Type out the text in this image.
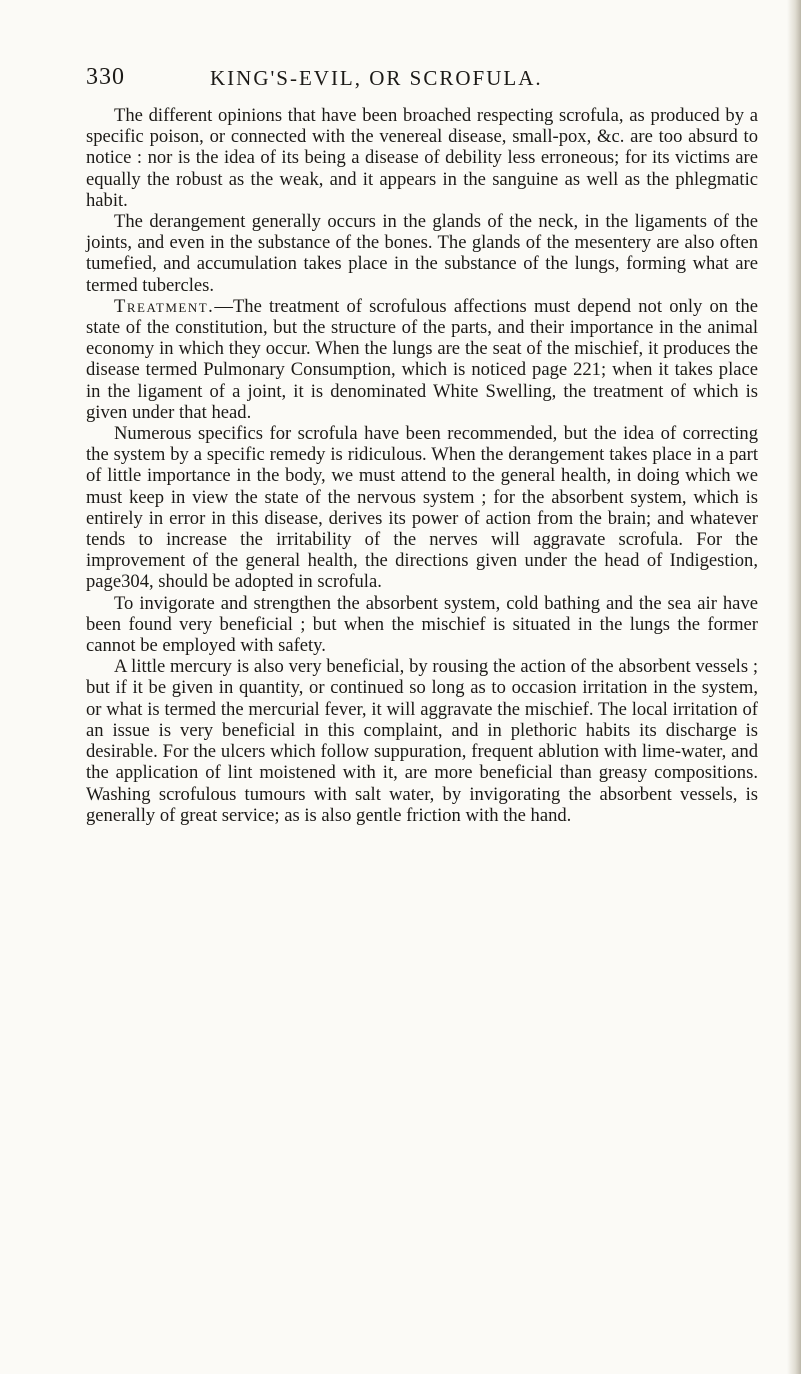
330	KING'S-EVIL, OR SCROFULA.

The different opinions that have been broached respecting scrofula, as produced by a specific poison, or connected with the venereal disease, small-pox, &c. are too absurd to notice : nor is the idea of its being a disease of debility less erroneous; for its victims are equally the robust as the weak, and it appears in the sanguine as well as the phlegmatic habit.

The derangement generally occurs in the glands of the neck, in the ligaments of the joints, and even in the substance of the bones. The glands of the mesentery are also often tumefied, and accumulation takes place in the substance of the lungs, forming what are termed tubercles.

Treatment.—The treatment of scrofulous affections must depend not only on the state of the constitution, but the structure of the parts, and their importance in the animal economy in which they occur. When the lungs are the seat of the mischief, it produces the disease termed Pulmonary Consumption, which is noticed page 221; when it takes place in the ligament of a joint, it is denominated White Swelling, the treatment of which is given under that head.

Numerous specifics for scrofula have been recommended, but the idea of correcting the system by a specific remedy is ridiculous. When the derangement takes place in a part of little importance in the body, we must attend to the general health, in doing which we must keep in view the state of the nervous system ; for the absorbent system, which is entirely in error in this disease, derives its power of action from the brain; and whatever tends to increase the irritability of the nerves will aggravate scrofula. For the improvement of the general health, the directions given under the head of Indigestion, page304, should be adopted in scrofula.

To invigorate and strengthen the absorbent system, cold bathing and the sea air have been found very beneficial ; but when the mischief is situated in the lungs the former cannot be employed with safety.

A little mercury is also very beneficial, by rousing the action of the absorbent vessels ; but if it be given in quantity, or continued so long as to occasion irritation in the system, or what is termed the mercurial fever, it will aggravate the mischief. The local irritation of an issue is very beneficial in this complaint, and in plethoric habits its discharge is desirable. For the ulcers which follow suppuration, frequent ablution with lime-water, and the application of lint moistened with it, are more beneficial than greasy compositions. Washing scrofulous tumours with salt water, by invigorating the absorbent vessels, is generally of great service; as is also gentle friction with the hand.
